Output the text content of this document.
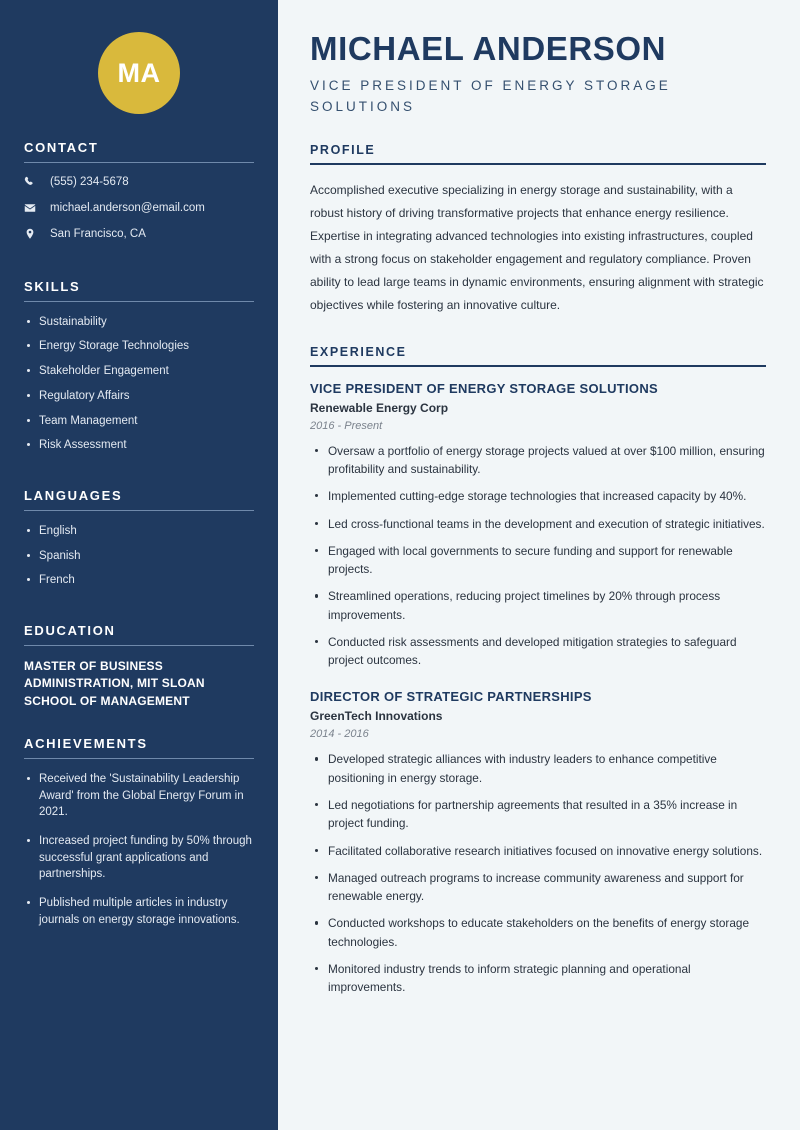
MA
CONTACT
(555) 234-5678
michael.anderson@email.com
San Francisco, CA
SKILLS
Sustainability
Energy Storage Technologies
Stakeholder Engagement
Regulatory Affairs
Team Management
Risk Assessment
LANGUAGES
English
Spanish
French
EDUCATION
MASTER OF BUSINESS ADMINISTRATION, MIT SLOAN SCHOOL OF MANAGEMENT
ACHIEVEMENTS
Received the 'Sustainability Leadership Award' from the Global Energy Forum in 2021.
Increased project funding by 50% through successful grant applications and partnerships.
Published multiple articles in industry journals on energy storage innovations.
MICHAEL ANDERSON
VICE PRESIDENT OF ENERGY STORAGE SOLUTIONS
PROFILE

Accomplished executive specializing in energy storage and sustainability, with a robust history of driving transformative projects that enhance energy resilience. Expertise in integrating advanced technologies into existing infrastructures, coupled with a strong focus on stakeholder engagement and regulatory compliance. Proven ability to lead large teams in dynamic environments, ensuring alignment with strategic objectives while fostering an innovative culture.

EXPERIENCE
VICE PRESIDENT OF ENERGY STORAGE SOLUTIONS
Renewable Energy Corp
2016 - Present
Oversaw a portfolio of energy storage projects valued at over $100 million, ensuring profitability and sustainability.
Implemented cutting-edge storage technologies that increased capacity by 40%.
Led cross-functional teams in the development and execution of strategic initiatives.
Engaged with local governments to secure funding and support for renewable projects.
Streamlined operations, reducing project timelines by 20% through process improvements.
Conducted risk assessments and developed mitigation strategies to safeguard project outcomes.
DIRECTOR OF STRATEGIC PARTNERSHIPS
GreenTech Innovations
2014 - 2016
Developed strategic alliances with industry leaders to enhance competitive positioning in energy storage.
Led negotiations for partnership agreements that resulted in a 35% increase in project funding.
Facilitated collaborative research initiatives focused on innovative energy solutions.
Managed outreach programs to increase community awareness and support for renewable energy.
Conducted workshops to educate stakeholders on the benefits of energy storage technologies.
Monitored industry trends to inform strategic planning and operational improvements.
